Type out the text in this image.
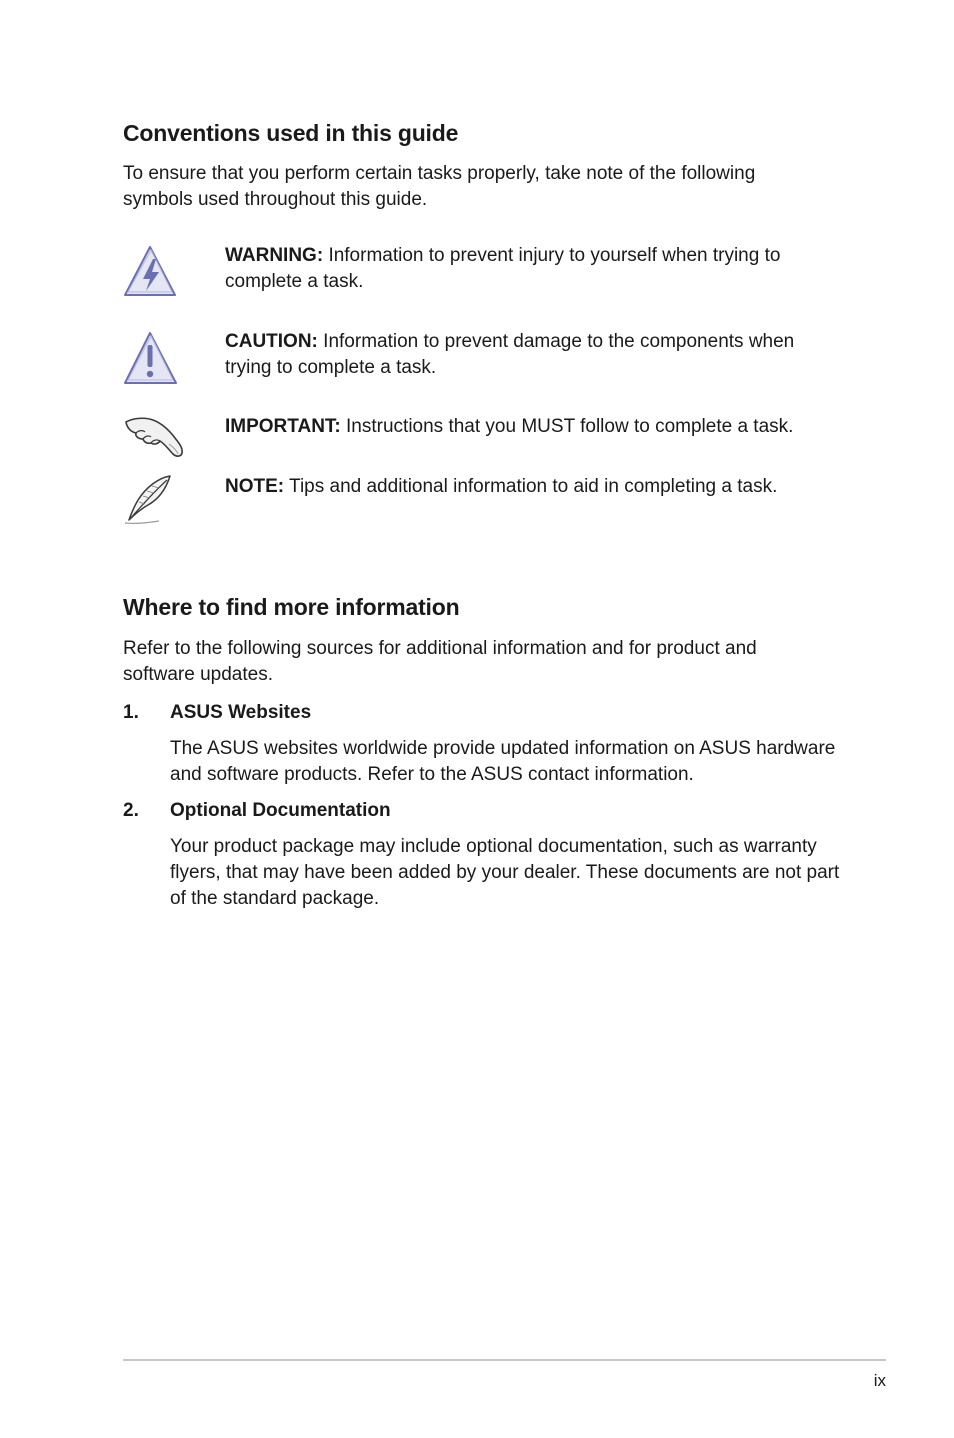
Conventions used in this guide

To ensure that you perform certain tasks properly, take note of the following symbols used throughout this guide.

WARNING: Information to prevent injury to yourself when trying to complete a task.
CAUTION: Information to prevent damage to the components when trying to complete a task.
IMPORTANT: Instructions that you MUST follow to complete a task.
NOTE: Tips and additional information to aid in completing a task.
Where to find more information

Refer to the following sources for additional information and for product and software updates.

1. ASUS Websites

The ASUS websites worldwide provide updated information on ASUS hardware and software products. Refer to the ASUS contact information.

2. Optional Documentation

Your product package may include optional documentation, such as warranty flyers, that may have been added by your dealer. These documents are not part of the standard package.

ix
